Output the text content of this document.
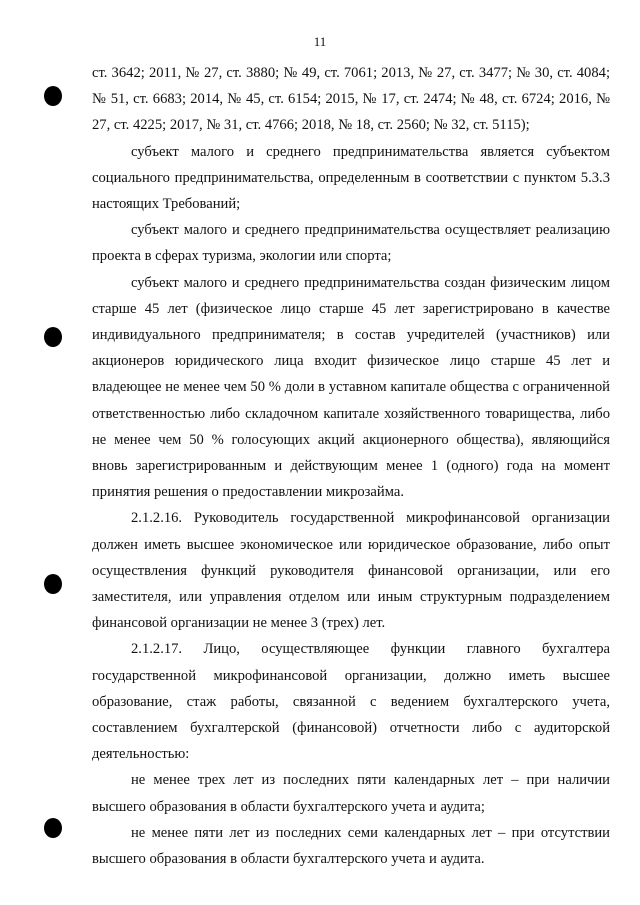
11

ст. 3642; 2011, № 27, ст. 3880; № 49, ст. 7061; 2013, № 27, ст. 3477; № 30, ст. 4084; № 51, ст. 6683; 2014, № 45, ст. 6154; 2015, № 17, ст. 2474; № 48, ст. 6724; 2016, № 27, ст. 4225; 2017, № 31, ст. 4766; 2018, № 18, ст. 2560; № 32, ст. 5115);

субъект малого и среднего предпринимательства является субъектом социального предпринимательства, определенным в соответствии с пунктом 5.3.3 настоящих Требований;

субъект малого и среднего предпринимательства осуществляет реализацию проекта в сферах туризма, экологии или спорта;

субъект малого и среднего предпринимательства создан физическим лицом старше 45 лет (физическое лицо старше 45 лет зарегистрировано в качестве индивидуального предпринимателя; в состав учредителей (участников) или акционеров юридического лица входит физическое лицо старше 45 лет и владеющее не менее чем 50 % доли в уставном капитале общества с ограниченной ответственностью либо складочном капитале хозяйственного товарищества, либо не менее чем 50 % голосующих акций акционерного общества), являющийся вновь зарегистрированным и действующим менее 1 (одного) года на момент принятия решения о предоставлении микрозайма.

2.1.2.16. Руководитель государственной микрофинансовой организации должен иметь высшее экономическое или юридическое образование, либо опыт осуществления функций руководителя финансовой организации, или его заместителя, или управления отделом или иным структурным подразделением финансовой организации не менее 3 (трех) лет.

2.1.2.17. Лицо, осуществляющее функции главного бухгалтера государственной микрофинансовой организации, должно иметь высшее образование, стаж работы, связанной с ведением бухгалтерского учета, составлением бухгалтерской (финансовой) отчетности либо с аудиторской деятельностью:

не менее трех лет из последних пяти календарных лет – при наличии высшего образования в области бухгалтерского учета и аудита;

не менее пяти лет из последних семи календарных лет – при отсутствии высшего образования в области бухгалтерского учета и аудита.
